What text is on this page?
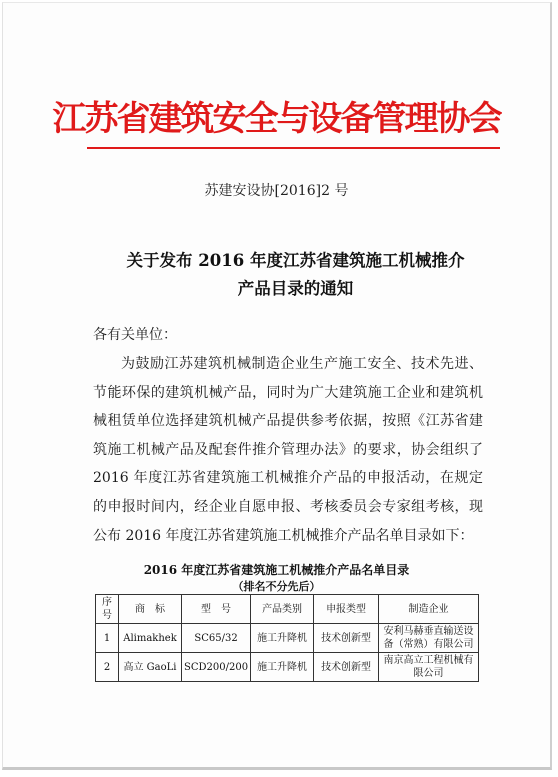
江苏省建筑安全与设备管理协会
苏建安设协[2016]2 号
关于发布 2016 年度江苏省建筑施工机械推介产品目录的通知
各有关单位：
为鼓励江苏建筑机械制造企业生产施工安全、技术先进、节能环保的建筑机械产品，同时为广大建筑施工企业和建筑机械租赁单位选择建筑机械产品提供参考依据，按照《江苏省建筑施工机械产品及配套件推介管理办法》的要求，协会组织了 2016 年度江苏省建筑施工机械推介产品的申报活动，在规定的申报时间内，经企业自愿申报、考核委员会专家组考核，现公布 2016 年度江苏省建筑施工机械推介产品名单目录如下：
2016 年度江苏省建筑施工机械推介产品名单目录
（排名不分先后）
序号	商　标	型　号	产品类别	申报类型	制造企业
1	Alimakhek	SC65/32	施工升降机	技术创新型	安利马赫垂直输送设备（常熟）有限公司
2	高立 GaoLi	SCD200/200	施工升降机	技术创新型	南京高立工程机械有限公司
